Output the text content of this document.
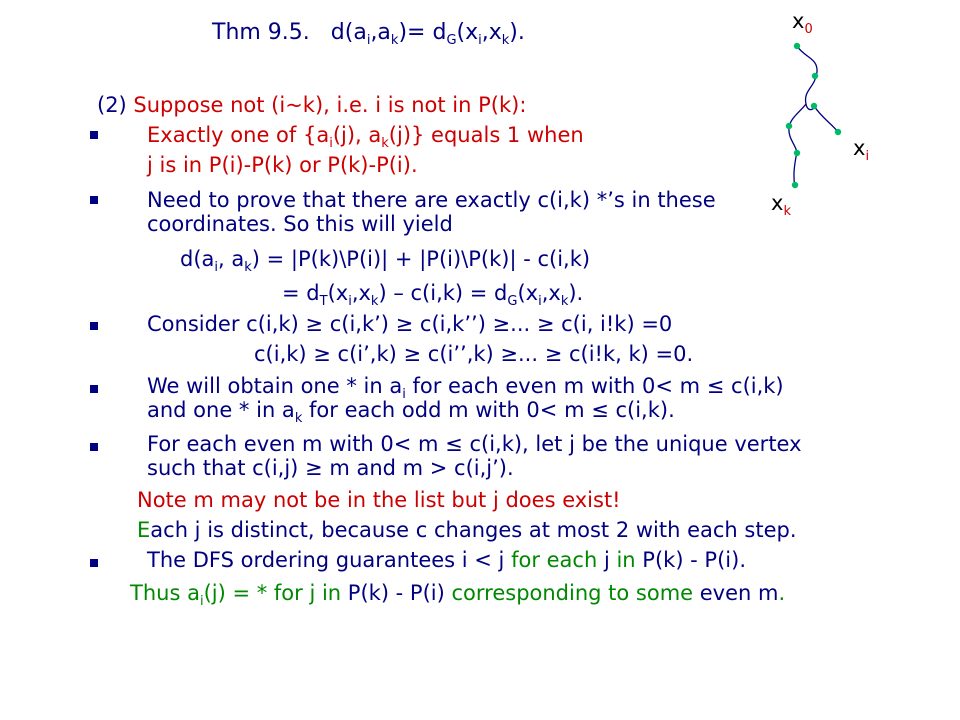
Thm 9.5. $d(a_i,a_k)= d_G(x_i,x_k)$.	$x_0$
$x_i$
$x_k$
(2) Suppose not (i~k), i.e. i is not in P(k):
Exactly one of {$a_i(j)$, $a_k(j)$} equals 1 when
j is in P(i)-P(k) or P(k)-P(i).
Need to prove that there are exactly c(i,k) *’s in these
coordinates. So this will yield
$d(a_i$, $a_k$) = |P(k)\P(i)| + |P(i)\P(k)| - c(i,k)
= $d_T(x_i,x_k) - c(i,k) = d_G(x_i,x_k)$.
Consider c(i,k) ≥ c(i,k’) ≥ c(i,k’’) ≥... ≥ c(i, i!k) =0
c(i,k) ≥ c(i’,k) ≥ c(i’’,k) ≥... ≥ c(i!k, k) =0.
We will obtain one * in $a_i$ for each even m with 0< m ≤ c(i,k)
and one * in $a_k$ for each odd m with 0< m ≤ c(i,k).
For each even m with 0< m ≤ c(i,k), let j be the unique vertex
such that c(i,j) ≥ m and m > c(i,j’).
Note m may not be in the list but j does exist!
Each j is distinct, because c changes at most 2 with each step.
The DFS ordering guarantees i < j for each j in P(k) - P(i).
Thus $a_i(j)$ = * for j in P(k) - P(i) corresponding to some even m.
